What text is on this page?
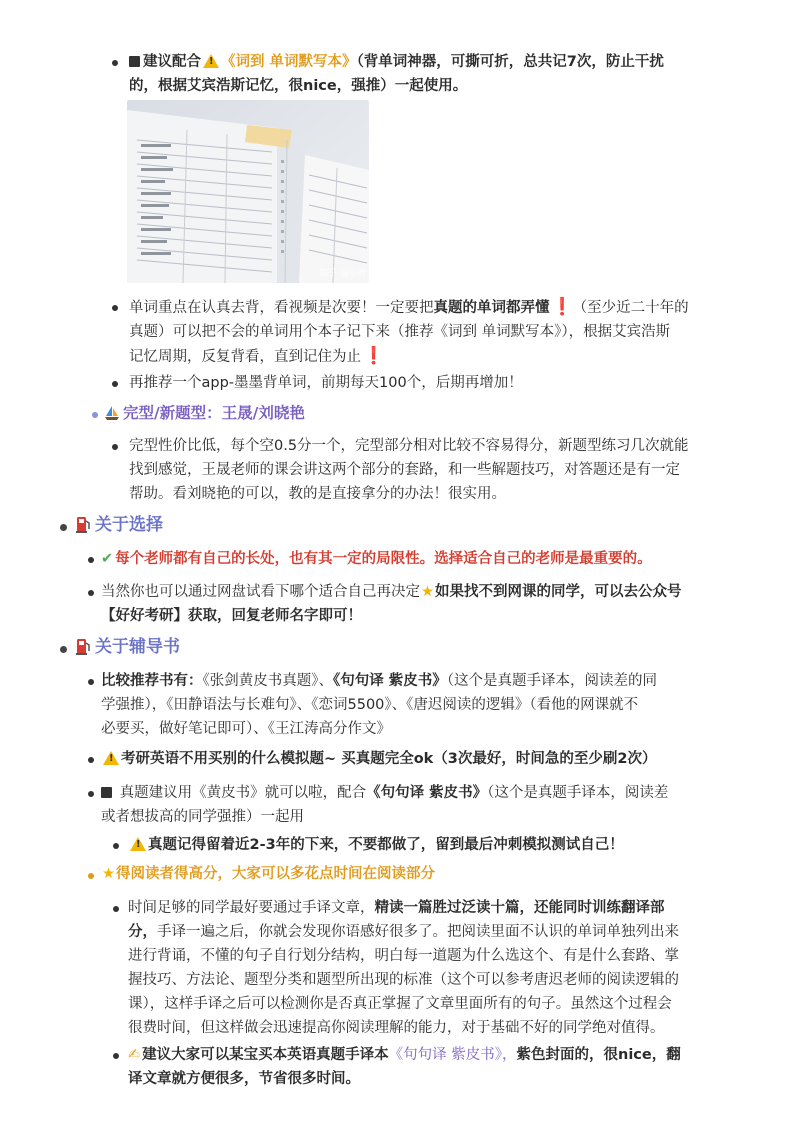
建议配合! 《词到 单词默写本》（背单词神器，可撕可折，总共记7次，防止干扰
的，根据艾宾浩斯记忆，很nice，强推）一起使用。
知乎 @小叶
单词重点在认真去背，看视频是次要！一定要把真题的单词都弄懂 ❗（至少近二十年的
真题）可以把不会的单词用个本子记下来（推荐《词到 单词默写本》），根据艾宾浩斯
记忆周期，反复背看，直到记住为止 ❗
再推荐一个app-墨墨背单词，前期每天100个，后期再增加！
完型/新题型：王晟/刘晓艳
完型性价比低，每个空0.5分一个，完型部分相对比较不容易得分，新题型练习几次就能
找到感觉，王晟老师的课会讲这两个部分的套路，和一些解题技巧，对答题还是有一定
帮助。看刘晓艳的可以，教的是直接拿分的办法！很实用。
关于选择
✔ 每个老师都有自己的长处，也有其一定的局限性。选择适合自己的老师是最重要的。
当然你也可以通过网盘试看下哪个适合自己再决定★如果找不到网课的同学，可以去公众号
【好好考研】获取，回复老师名字即可！
关于辅导书
比较推荐书有：《张剑黄皮书真题》、《句句译 紫皮书》（这个是真题手译本，阅读差的同
学强推），《田静语法与长难句》、《恋词5500》、《唐迟阅读的逻辑》（看他的网课就不
必要买，做好笔记即可）、《王江涛高分作文》
!考研英语不用买别的什么模拟题~ 买真题完全ok（3次最好，时间急的至少刷2次）
真题建议用《黄皮书》就可以啦，配合《句句译 紫皮书》（这个是真题手译本，阅读差
或者想拔高的同学强推）一起用
!真题记得留着近2-3年的下来，不要都做了，留到最后冲刺模拟测试自己！
★得阅读者得高分，大家可以多花点时间在阅读部分
时间足够的同学最好要通过手译文章，精读一篇胜过泛读十篇，还能同时训练翻译部
分，手译一遍之后，你就会发现你语感好很多了。把阅读里面不认识的单词单独列出来
进行背诵，不懂的句子自行划分结构，明白每一道题为什么选这个、有是什么套路、掌
握技巧、方法论、题型分类和题型所出现的标准（这个可以参考唐迟老师的阅读逻辑的
课），这样手译之后可以检测你是否真正掌握了文章里面所有的句子。虽然这个过程会
很费时间，但这样做会迅速提高你阅读理解的能力，对于基础不好的同学绝对值得。
✍ 建议大家可以某宝买本英语真题手译本《句句译 紫皮书》，紫色封面的，很nice，翻
译文章就方便很多，节省很多时间。
